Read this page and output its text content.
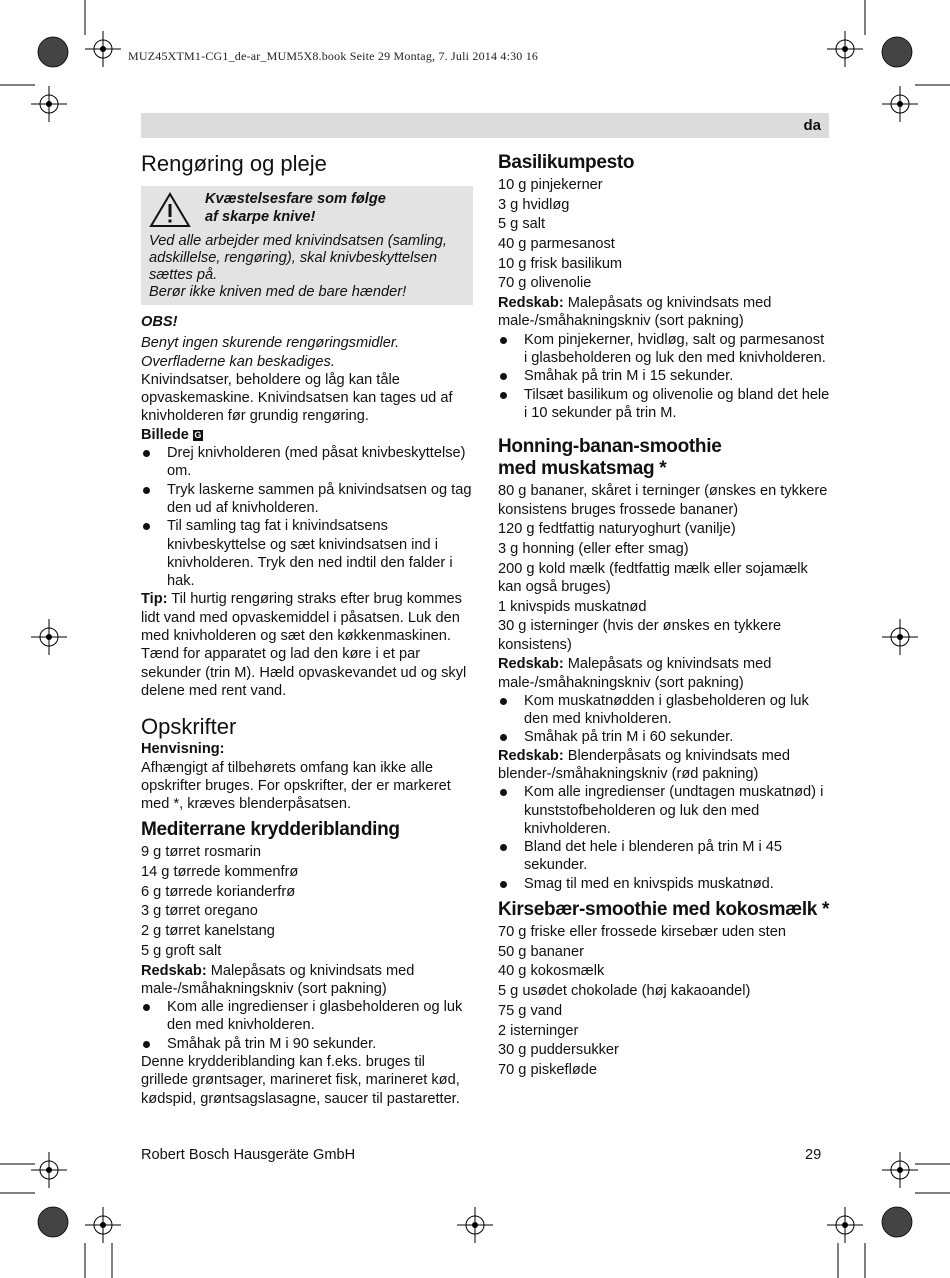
MUZ45XTM1-CG1_de-ar_MUM5X8.book Seite 29 Montag, 7. Juli 2014 4:30 16
da
Rengøring og pleje
Kvæstelsesfare som følge
af skarpe knive!
Ved alle arbejder med knivindsatsen (samling, adskillelse, rengøring), skal knivbeskyttelsen sættes på.
Berør ikke kniven med de bare hænder!
OBS!

Benyt ingen skurende rengøringsmidler. Overfladerne kan beskadiges.

Knivindsatser, beholdere og låg kan tåle opvaskemaskine. Knivindsatsen kan tages ud af knivholderen før grundig rengøring.

Billede G
Drej knivholderen (med påsat knivbeskyttelse) om.
Tryk laskerne sammen på knivindsatsen og tag den ud af knivholderen.
Til samling tag fat i knivindsatsens knivbeskyttelse og sæt knivindsatsen ind i knivholderen. Tryk den ned indtil den falder i hak.

Tip: Til hurtig rengøring straks efter brug kommes lidt vand med opvaskemiddel i påsatsen. Luk den med knivholderen og sæt den køkkenmaskinen. Tænd for apparatet og lad den køre i et par sekunder (trin M). Hæld opvaskevandet ud og skyl delene med rent vand.

Opskrifter
Henvisning:

Afhængigt af tilbehørets omfang kan ikke alle opskrifter bruges. For opskrifter, der er markeret med *, kræves blenderpåsatsen.

Mediterrane krydderiblanding
9 g tørret rosmarin
14 g tørrede kommenfrø
6 g tørrede korianderfrø
3 g tørret oregano
2 g tørret kanelstang
5 g groft salt

Redskab: Malepåsats og knivindsats med male-/småhakningskniv (sort pakning)

Kom alle ingredienser i glasbeholderen og luk den med knivholderen.
Småhak på trin M i 90 sekunder.

Denne krydderiblanding kan f.eks. bruges til grillede grøntsager, marineret fisk, marineret kød, kødspid, grøntsagslasagne, saucer til pastaretter.

Basilikumpesto
10 g pinjekerner
3 g hvidløg
5 g salt
40 g parmesanost
10 g frisk basilikum
70 g olivenolie

Redskab: Malepåsats og knivindsats med male-/småhakningskniv (sort pakning)

Kom pinjekerner, hvidløg, salt og parmesanost i glasbeholderen og luk den med knivholderen.
Småhak på trin M i 15 sekunder.
Tilsæt basilikum og olivenolie og bland det hele i 10 sekunder på trin M.
Honning-banan-smoothie
med muskatsmag *
80 g bananer, skåret i terninger (ønskes en tykkere konsistens bruges frossede bananer)
120 g fedtfattig naturyoghurt (vanilje)
3 g honning (eller efter smag)
200 g kold mælk (fedtfattig mælk eller sojamælk kan også bruges)
1 knivspids muskatnød
30 g isterninger (hvis der ønskes en tykkere konsistens)

Redskab: Malepåsats og knivindsats med male-/småhakningskniv (sort pakning)

Kom muskatnødden i glasbeholderen og luk den med knivholderen.
Småhak på trin M i 60 sekunder.

Redskab: Blenderpåsats og knivindsats med blender-/småhakningskniv (rød pakning)

Kom alle ingredienser (undtagen muskatnød) i kunststofbeholderen og luk den med knivholderen.
Bland det hele i blenderen på trin M i 45 sekunder.
Smag til med en knivspids muskatnød.
Kirsebær-smoothie med kokosmælk *
70 g friske eller frossede kirsebær uden sten
50 g bananer
40 g kokosmælk
5 g usødet chokolade (høj kakaoandel)
75 g vand
2 isterninger
30 g puddersukker
70 g piskefløde
Robert Bosch Hausgeräte GmbH	29
